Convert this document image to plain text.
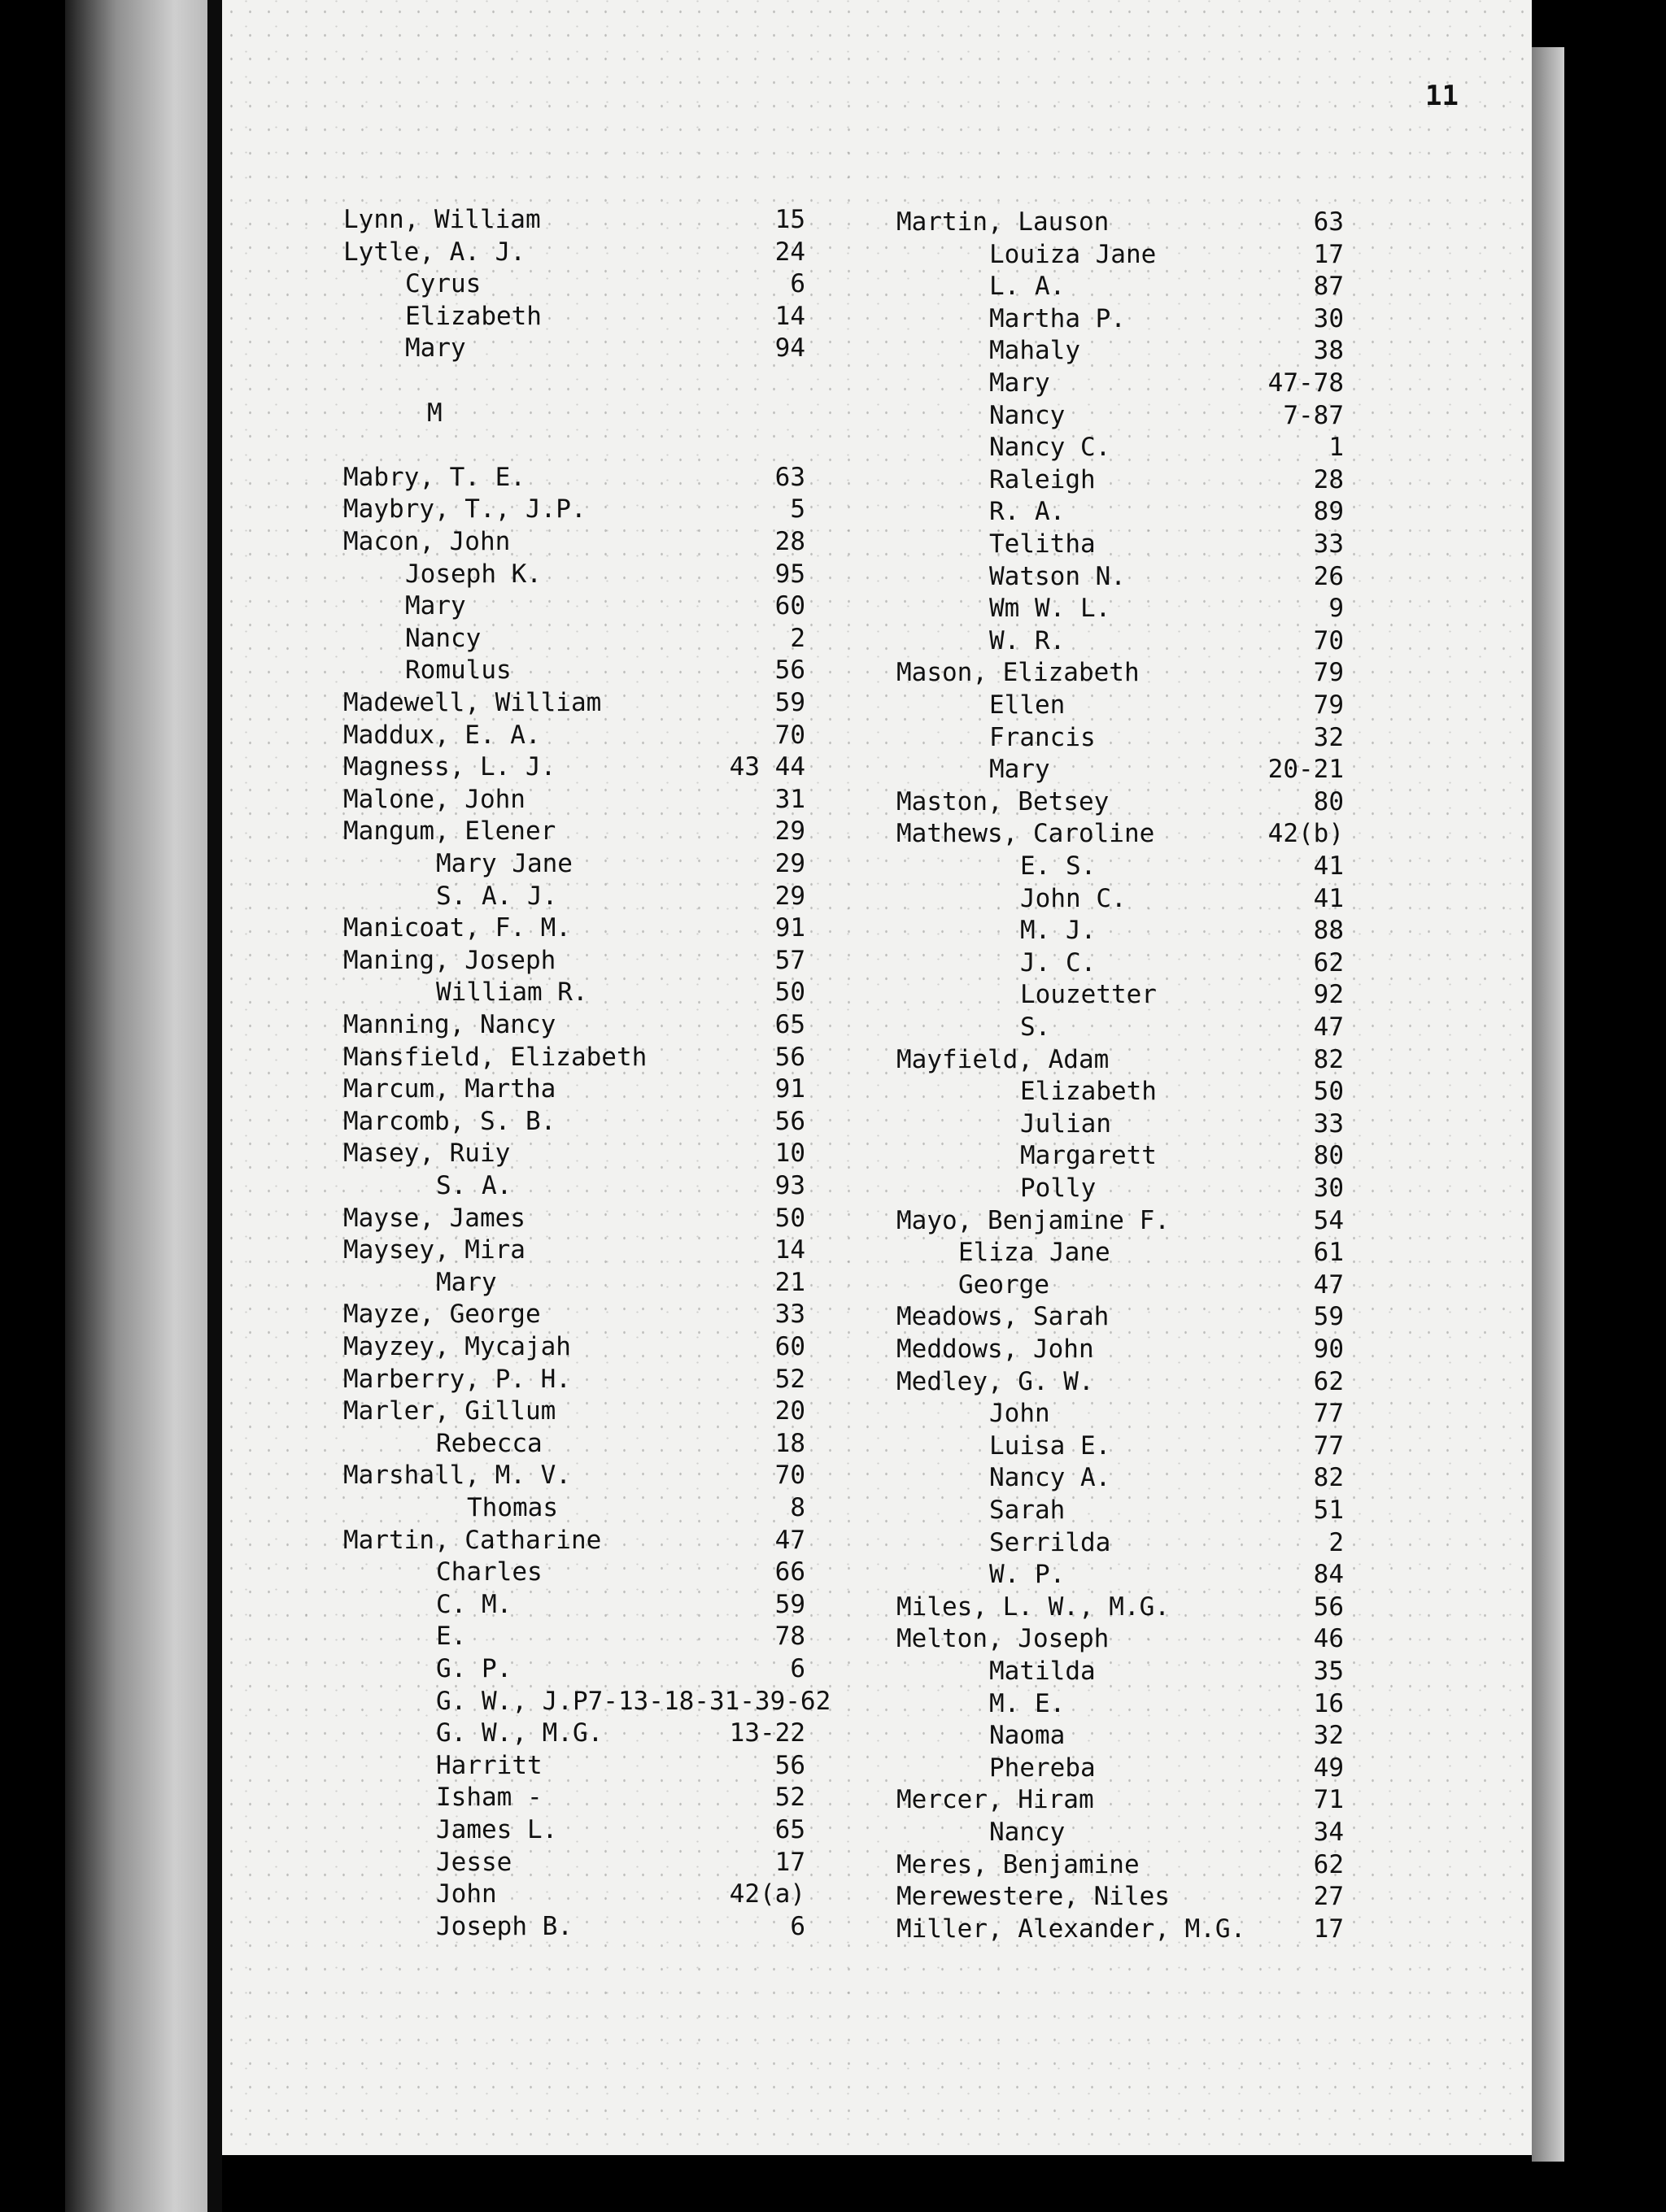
11
M
Lynn, William	15
Lytle, A. J.	24
Cyrus	6
Elizabeth	14
Mary	94
Mabry, T. E.	63
Maybry, T., J.P.	5
Macon, John	28
Joseph K.	95
Mary	60
Nancy	2
Romulus	56
Madewell, William	59
Maddux, E. A.	70
Magness, L. J.	43 44
Malone, John	31
Mangum, Elener	29
Mary Jane	29
S. A. J.	29
Manicoat, F. M.	91
Maning, Joseph	57
William R.	50
Manning, Nancy	65
Mansfield, Elizabeth	56
Marcum, Martha	91
Marcomb, S. B.	56
Masey, Ruiy	10
S. A.	93
Mayse, James	50
Maysey, Mira	14
Mary	21
Mayze, George	33
Mayzey, Mycajah	60
Marberry, P. H.	52
Marler, Gillum	20
Rebecca	18
Marshall, M. V.	70
Thomas	8
Martin, Catharine	47
Charles	66
C. M.	59
E.	78
G. P.	6
G. W., J.P7-13-18-31-39-62
G. W., M.G.	13-22
Harritt	56
Isham -	52
James L.	65
Jesse	17
John	42(a)
Joseph B.	6
Martin, Lauson	63
Louiza Jane	17
L. A.	87
Martha P.	30
Mahaly	38
Mary	47-78
Nancy	7-87
Nancy C.	1
Raleigh	28
R. A.	89
Telitha	33
Watson N.	26
Wm W. L.	9
W. R.	70
Mason, Elizabeth	79
Ellen	79
Francis	32
Mary	20-21
Maston, Betsey	80
Mathews, Caroline	42(b)
E. S.	41
John C.	41
M. J.	88
J. C.	62
Louzetter	92
S.	47
Mayfield, Adam	82
Elizabeth	50
Julian	33
Margarett	80
Polly	30
Mayo, Benjamine F.	54
Eliza Jane	61
George	47
Meadows, Sarah	59
Meddows, John	90
Medley, G. W.	62
John	77
Luisa E.	77
Nancy A.	82
Sarah	51
Serrilda	2
W. P.	84
Miles, L. W., M.G.	56
Melton, Joseph	46
Matilda	35
M. E.	16
Naoma	32
Phereba	49
Mercer, Hiram	71
Nancy	34
Meres, Benjamine	62
Merewestere, Niles	27
Miller, Alexander, M.G.	17
